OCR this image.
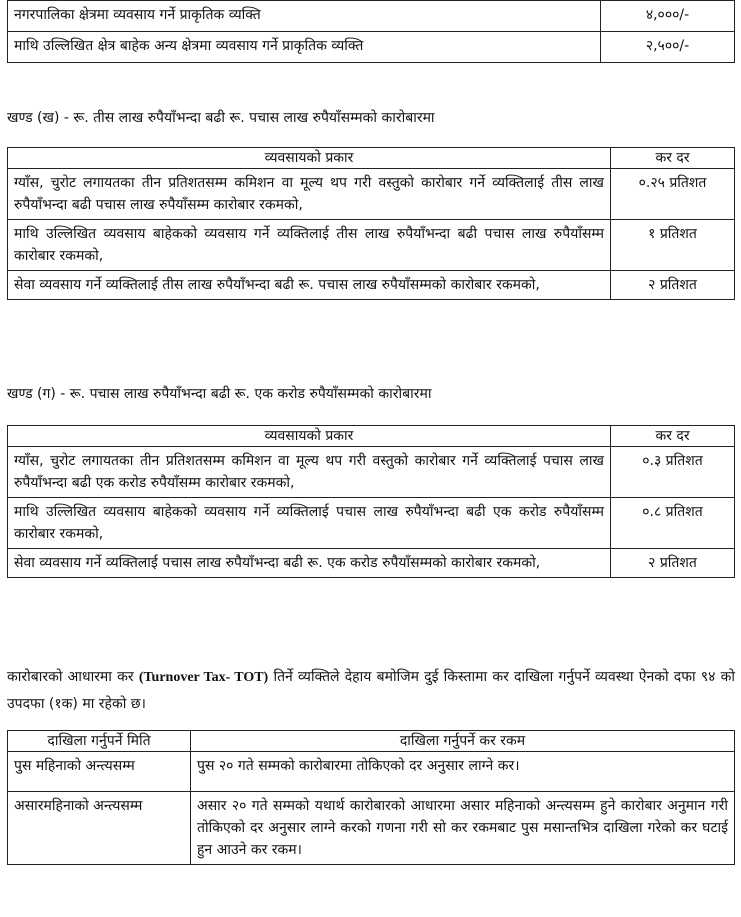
नगरपालिका क्षेत्रमा व्यवसाय गर्ने प्राकृतिक व्यक्ति	४,०००/-
माथि उल्लिखित क्षेत्र बाहेक अन्य क्षेत्रमा व्यवसाय गर्ने प्राकृतिक व्यक्ति	२,५००/-
खण्ड (ख) - रू. तीस लाख रुपैयाँभन्दा बढी रू. पचास लाख रुपैयाँसम्मको कारोबारमा
व्यवसायको प्रकार	कर दर
ग्याँस, चुरोट लगायतका तीन प्रतिशतसम्म कमिशन वा मूल्य थप गरी वस्तुको कारोबार गर्ने व्यक्तिलाई तीस लाख रुपैयाँभन्दा बढी पचास लाख रुपैयाँसम्म कारोबार रकमको,	०.२५ प्रतिशत
माथि उल्लिखित व्यवसाय बाहेकको व्यवसाय गर्ने व्यक्तिलाई तीस लाख रुपैयाँभन्दा बढी पचास लाख रुपैयाँसम्म कारोबार रकमको,	१ प्रतिशत
सेवा व्यवसाय गर्ने व्यक्तिलाई तीस लाख रुपैयाँभन्दा बढी रू. पचास लाख रुपैयाँसम्मको कारोबार रकमको,	२ प्रतिशत
खण्ड (ग) - रू. पचास लाख रुपैयाँभन्दा बढी रू. एक करोड रुपैयाँसम्मको कारोबारमा
व्यवसायको प्रकार	कर दर
ग्याँस, चुरोट लगायतका तीन प्रतिशतसम्म कमिशन वा मूल्य थप गरी वस्तुको कारोबार गर्ने व्यक्तिलाई पचास लाख रुपैयाँभन्दा बढी एक करोड रुपैयाँसम्म कारोबार रकमको,	०.३ प्रतिशत
माथि उल्लिखित व्यवसाय बाहेकको व्यवसाय गर्ने व्यक्तिलाई पचास लाख रुपैयाँभन्दा बढी एक करोड रुपैयाँसम्म कारोबार रकमको,	०.८ प्रतिशत
सेवा व्यवसाय गर्ने व्यक्तिलाई पचास लाख रुपैयाँभन्दा बढी रू. एक करोड रुपैयाँसम्मको कारोबार रकमको,	२ प्रतिशत
कारोबारको आधारमा कर (Turnover Tax- TOT) तिर्ने व्यक्तिले देहाय बमोजिम दुई किस्तामा कर दाखिला गर्नुपर्ने व्यवस्था ऐनको दफा ९४ को उपदफा (१क) मा रहेको छ।
दाखिला गर्नुपर्ने मिति	दाखिला गर्नुपर्ने कर रकम
पुस महिनाको अन्त्यसम्म	पुस २० गते सम्मको कारोबारमा तोकिएको दर अनुसार लाग्ने कर।
असारमहिनाको अन्त्यसम्म	असार २० गते सम्मको यथार्थ कारोबारको आधारमा असार महिनाको अन्त्यसम्म हुने कारोबार अनुमान गरी तोकिएको दर अनुसार लाग्ने करको गणना गरी सो कर रकमबाट पुस मसान्तभित्र दाखिला गरेको कर घटाई हुन आउने कर रकम।
